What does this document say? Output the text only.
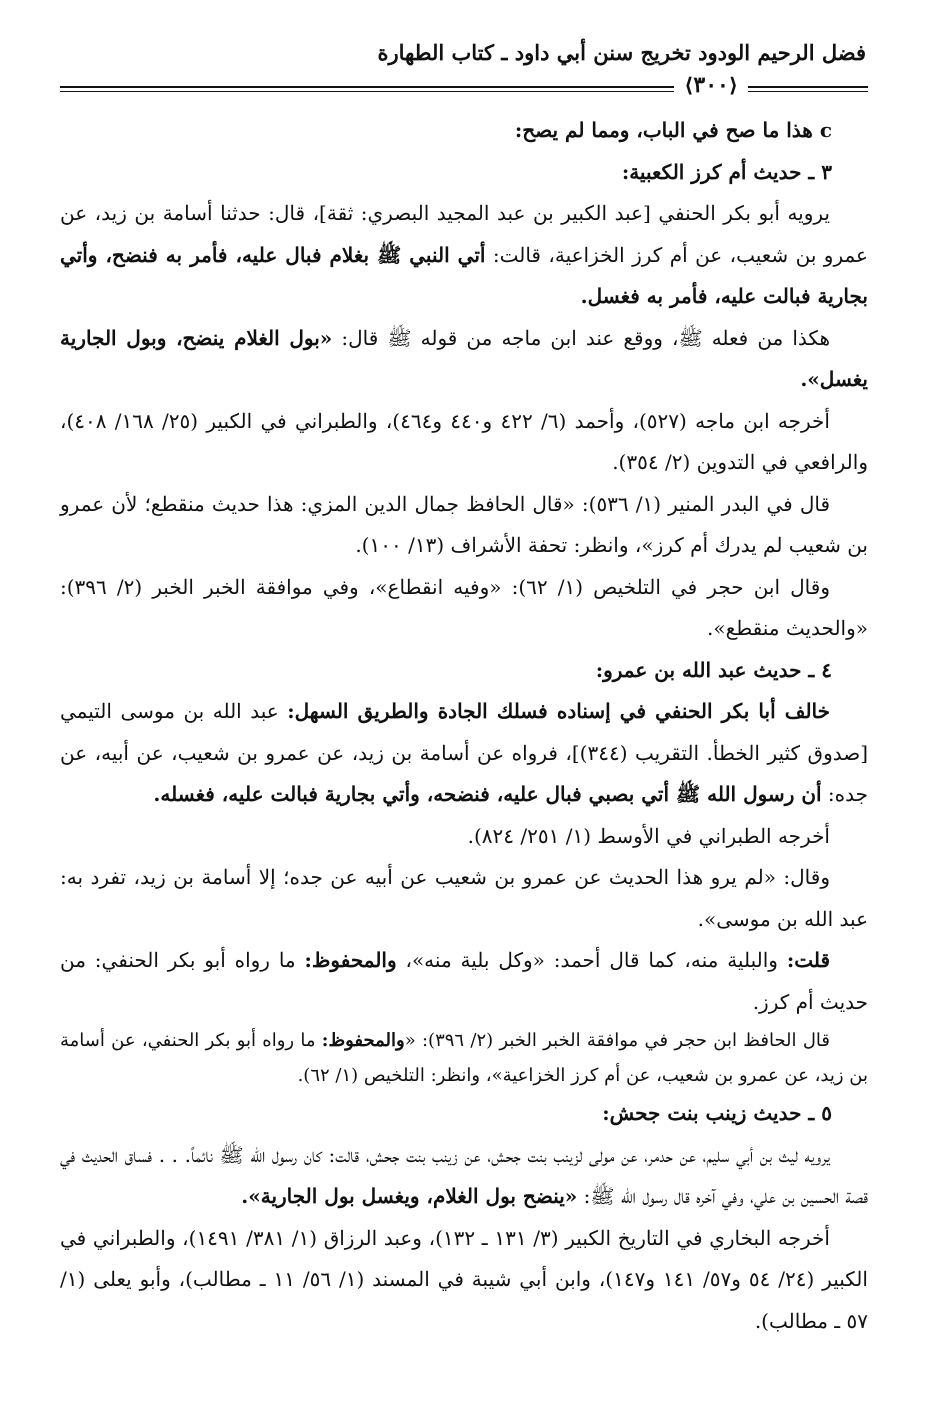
فضل الرحيم الودود تخريج سنن أبي داود ـ كتاب الطهارة
⟨٣٠٠⟩

c هذا ما صح في الباب، ومما لم يصح:

٣ ـ حديث أم كرز الكعبية:

يرويه أبو بكر الحنفي [عبد الكبير بن عبد المجيد البصري: ثقة]، قال: حدثنا أسامة بن زيد، عن عمرو بن شعيب، عن أم كرز الخزاعية، قالت: أتي النبي ﷺ بغلام فبال عليه، فأمر به فنضح، وأتي بجارية فبالت عليه، فأمر به فغسل.

هكذا من فعله ﷺ، ووقع عند ابن ماجه من قوله ﷺ قال: «بول الغلام ينضح، وبول الجارية يغسل».

أخرجه ابن ماجه (٥٢٧)، وأحمد (٦/ ٤٢٢ و٤٤٠ و٤٦٤)، والطبراني في الكبير (٢٥/ ١٦٨/ ٤٠٨)، والرافعي في التدوين (٢/ ٣٥٤).

قال في البدر المنير (١/ ٥٣٦): «قال الحافظ جمال الدين المزي: هذا حديث منقطع؛ لأن عمرو بن شعيب لم يدرك أم كرز»، وانظر: تحفة الأشراف (١٣/ ١٠٠).

وقال ابن حجر في التلخيص (١/ ٦٢): «وفيه انقطاع»، وفي موافقة الخبر الخبر (٢/ ٣٩٦): «والحديث منقطع».

٤ ـ حديث عبد الله بن عمرو:

خالف أبا بكر الحنفي في إسناده فسلك الجادة والطريق السهل: عبد الله بن موسى التيمي [صدوق كثير الخطأ. التقريب (٣٤٤)]، فرواه عن أسامة بن زيد، عن عمرو بن شعيب، عن أبيه، عن جده: أن رسول الله ﷺ أتي بصبي فبال عليه، فنضحه، وأتي بجارية فبالت عليه، فغسله.

أخرجه الطبراني في الأوسط (١/ ٢٥١/ ٨٢٤).

وقال: «لم يرو هذا الحديث عن عمرو بن شعيب عن أبيه عن جده؛ إلا أسامة بن زيد، تفرد به: عبد الله بن موسى».

قلت: والبلية منه، كما قال أحمد: «وكل بلية منه»، والمحفوظ: ما رواه أبو بكر الحنفي: من حديث أم كرز.

قال الحافظ ابن حجر في موافقة الخبر الخبر (٢/ ٣٩٦): «والمحفوظ: ما رواه أبو بكر الحنفي، عن أسامة بن زيد، عن عمرو بن شعيب، عن أم كرز الخزاعية»، وانظر: التلخيص (١/ ٦٢).

٥ ـ حديث زينب بنت جحش:

يرويه ليث بن أبي سليم، عن حدمر، عن مولى لزينب بنت جحش، عن زينب بنت جحش، قالت: كان رسول الله ﷺ نائماً. . . فساق الحديث في قصة الحسين بن علي، وفي آخره قال رسول الله ﷺ: «ينضح بول الغلام، ويغسل بول الجارية».

أخرجه البخاري في التاريخ الكبير (٣/ ١٣١ ـ ١٣٢)، وعبد الرزاق (١/ ٣٨١/ ١٤٩١)، والطبراني في الكبير (٢٤/ ٥٤ و٥٧/ ١٤١ و١٤٧)، وابن أبي شيبة في المسند (١/ ٥٦/ ١١ ـ مطالب)، وأبو يعلى (١/ ٥٧ ـ مطالب).
